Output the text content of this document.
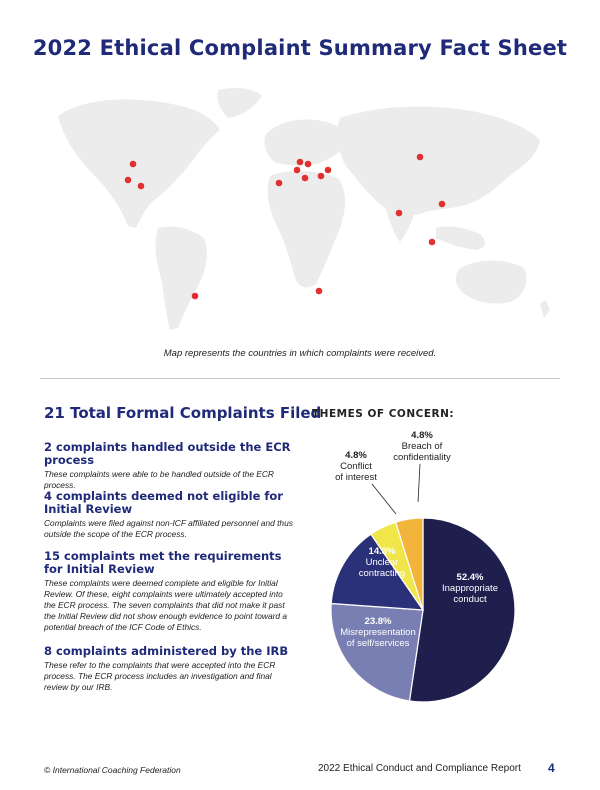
2022 Ethical Complaint Summary Fact Sheet
Map represents the countries in which complaints were received.
21 Total Formal Complaints Filed
2 complaints handled outside the ECR process
These complaints were able to be handled outside of the ECR process.
4 complaints deemed not eligible for Initial Review
Complaints were filed against non-ICF affiliated personnel and thus outside the scope of the ECR process.
15 complaints met the requirements for Initial Review
These complaints were deemed complete and eligible for Initial Review. Of these, eight complaints were ultimately accepted into the ECR process. The seven complaints that did not make it past the Initial Review did not show enough evidence to point toward a potential breach of the ICF Code of Ethics.
8 complaints administered by the IRB
These refer to the complaints that were accepted into the ECR process. The ECR process includes an investigation and final review by our IRB.
THEMES OF CONCERN:
52.4% Inappropriate conduct
23.8% Misrepresentation of self/services
14.3% Unclear contracting
4.8% Conflict of interest
4.8% Breach of confidentiality
© International Coaching Federation	2022 Ethical Conduct and Compliance Report 4
